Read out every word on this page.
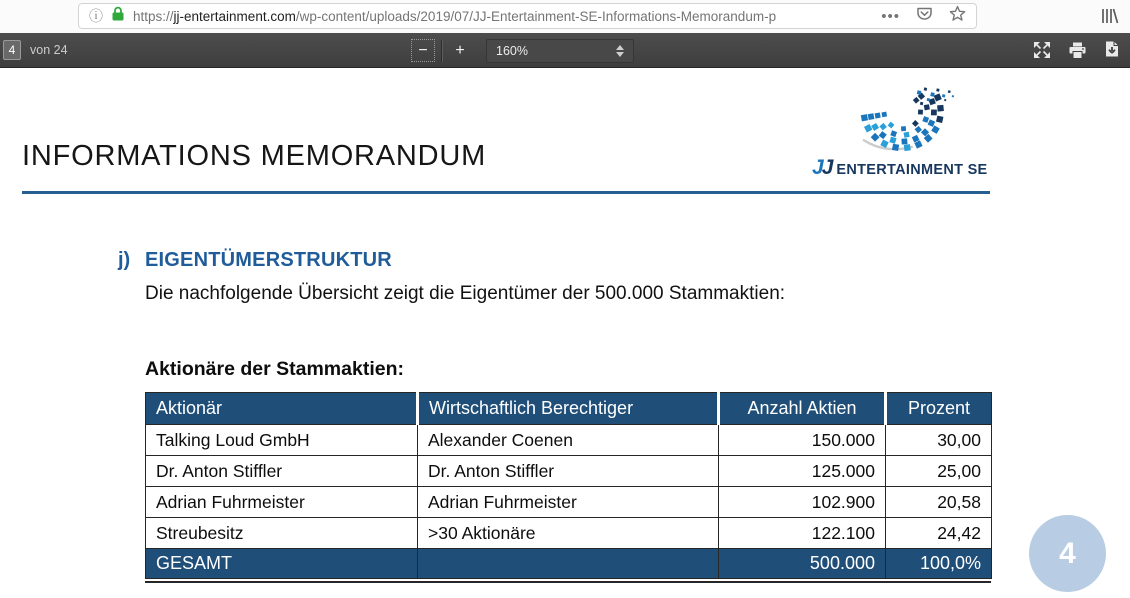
ⓘ https://jj-entertainment.com/wp-content/uploads/2019/07/JJ-Entertainment-SE-Informations-Memorandum-p	•••
4
von 24	−	+	160%
INFORMATIONS MEMORANDUM	JJ ENTERTAINMENT SE
j) EIGENTÜMERSTRUKTUR
Die nachfolgende Übersicht zeigt die Eigentümer der 500.000 Stammaktien:
Aktionäre der Stammaktien:
Aktionär	Wirtschaftlich Berechtiger	Anzahl Aktien	Prozent
Talking Loud GmbH	Alexander Coenen	150.000	30,00
Dr. Anton Stiffler	Dr. Anton Stiffler	125.000	25,00
Adrian Fuhrmeister	Adrian Fuhrmeister	102.900	20,58
Streubesitz	>30 Aktionäre	122.100	24,42
GESAMT		500.000	100,0%	4
